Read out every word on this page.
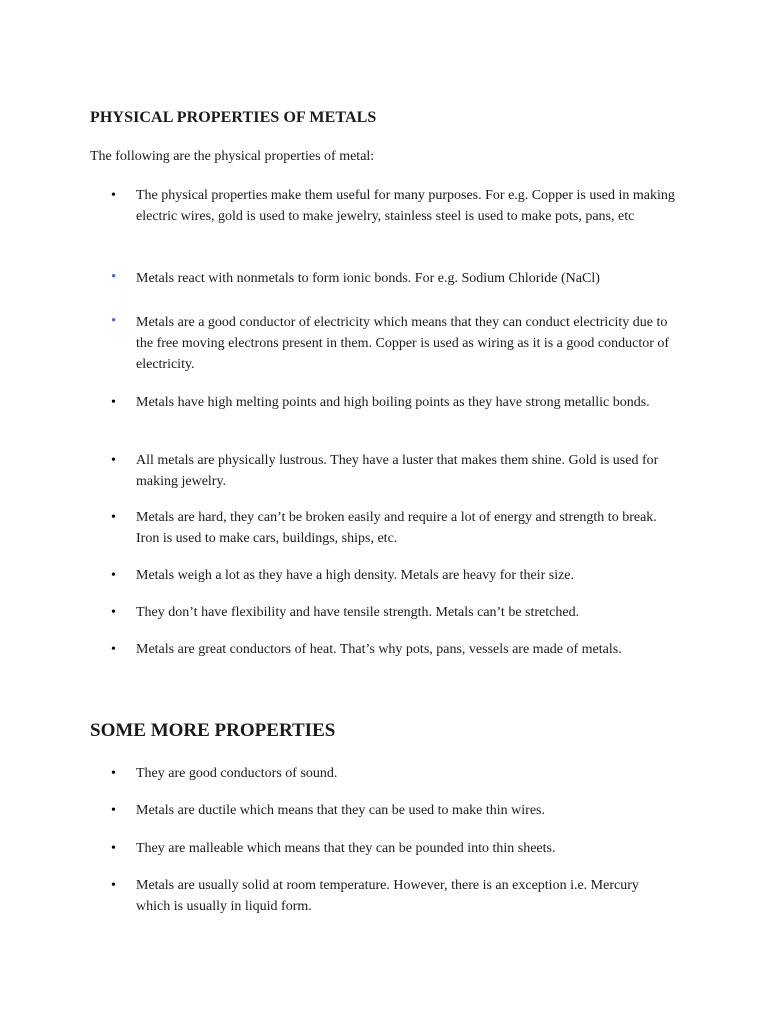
PHYSICAL PROPERTIES OF METALS

The following are the physical properties of metal:

• The physical properties make them useful for many purposes. For e.g. Copper is used in making electric wires, gold is used to make jewelry, stainless steel is used to make pots, pans, etc

• Metals react with nonmetals to form ionic bonds. For e.g. Sodium Chloride (NaCl)

• Metals are a good conductor of electricity which means that they can conduct electricity due to the free moving electrons present in them. Copper is used as wiring as it is a good conductor of electricity.

• Metals have high melting points and high boiling points as they have strong metallic bonds.

• All metals are physically lustrous. They have a luster that makes them shine. Gold is used for making jewelry.

• Metals are hard, they can’t be broken easily and require a lot of energy and strength to break. Iron is used to make cars, buildings, ships, etc.

• Metals weigh a lot as they have a high density. Metals are heavy for their size.

• They don’t have flexibility and have tensile strength. Metals can’t be stretched.

• Metals are great conductors of heat. That’s why pots, pans, vessels are made of metals.

SOME MORE PROPERTIES
• They are good conductors of sound.

• Metals are ductile which means that they can be used to make thin wires.

• They are malleable which means that they can be pounded into thin sheets.

• Metals are usually solid at room temperature. However, there is an exception i.e. Mercury which is usually in liquid form.
